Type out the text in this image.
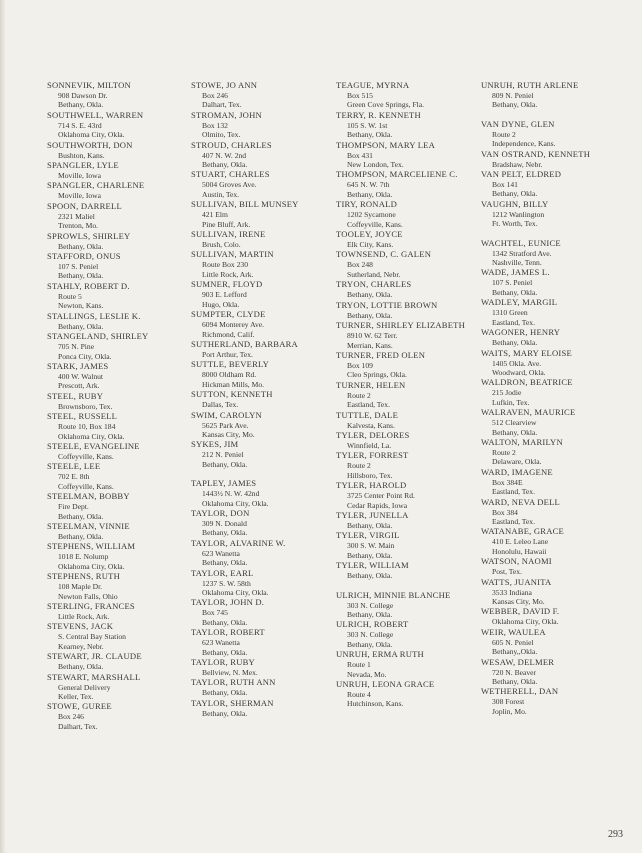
SONNEVIK, MILTON
908 Dawson Dr.
Bethany, Okla.
SOUTHWELL, WARREN
714 S. E. 43rd
Oklahoma City, Okla.
SOUTHWORTH, DON
Bushton, Kans.
SPANGLER, LYLE
Moville, Iowa
SPANGLER, CHARLENE
Moville, Iowa
SPOON, DARRELL
2321 Maliel
Trenton, Mo.
SPROWLS, SHIRLEY
Bethany, Okla.
STAFFORD, ONUS
107 S. Peniel
Bethany, Okla.
STAHLY, ROBERT D.
Route 5
Newton, Kans.
STALLINGS, LESLIE K.
Bethany, Okla.
STANGELAND, SHIRLEY
705 N. Pine
Ponca City, Okla.
STARK, JAMES
400 W. Walnut
Prescott, Ark.
STEEL, RUBY
Brownsboro, Tex.
STEEL, RUSSELL
Route 10, Box 184
Oklahoma City, Okla.
STEELE, EVANGELINE
Coffeyville, Kans.
STEELE, LEE
702 E. 8th
Coffeyville, Kans.
STEELMAN, BOBBY
Fire Dept.
Bethany, Okla.
STEELMAN, VINNIE
Bethany, Okla.
STEPHENS, WILLIAM
1018 E. Nolump
Oklahoma City, Okla.
STEPHENS, RUTH
108 Maple Dr.
Newton Falls, Ohio
STERLING, FRANCES
Little Rock, Ark.
STEVENS, JACK
S. Central Bay Station
Kearney, Nebr.
STEWART, JR. CLAUDE
Bethany, Okla.
STEWART, MARSHALL
General Delivery
Keller, Tex.
STOWE, GUREE
Box 246
Dalhart, Tex.
STOWE, JO ANN
Box 246
Dalhart, Tex.
STROMAN, JOHN
Box 132
Olmito, Tex.
STROUD, CHARLES
407 N. W. 2nd
Bethany, Okla.
STUART, CHARLES
5004 Groves Ave.
Austin, Tex.
SULLIVAN, BILL MUNSEY
421 Elm
Pine Bluff, Ark.
SULLIVAN, IRENE
Brush, Colo.
SULLIVAN, MARTIN
Route Box 230
Little Rock, Ark.
SUMNER, FLOYD
903 E. Lefford
Hugo, Okla.
SUMPTER, CLYDE
6094 Monterey Ave.
Richmond, Calif.
SUTHERLAND, BARBARA
Port Arthur, Tex.
SUTTLE, BEVERLY
8000 Oldham Rd.
Hickman Mills, Mo.
SUTTON, KENNETH
Dallas, Tex.
SWIM, CAROLYN
5625 Park Ave.
Kansas City, Mo.
SYKES, JIM
212 N. Peniel
Bethany, Okla.
TAPLEY, JAMES
1443½ N. W. 42nd
Oklahoma City, Okla.
TAYLOR, DON
309 N. Donald
Bethany, Okla.
TAYLOR, ALVARINE W.
623 Wanetta
Bethany, Okla.
TAYLOR, EARL
1237 S. W. 58th
Oklahoma City, Okla.
TAYLOR, JOHN D.
Box 745
Bethany, Okla.
TAYLOR, ROBERT
623 Wanetta
Bethany, Okla.
TAYLOR, RUBY
Bellview, N. Mex.
TAYLOR, RUTH ANN
Bethany, Okla.
TAYLOR, SHERMAN
Bethany, Okla.
TEAGUE, MYRNA
Box 515
Green Cove Springs, Fla.
TERRY, R. KENNETH
105 S. W. 1st
Bethany, Okla.
THOMPSON, MARY LEA
Box 431
New London, Tex.
THOMPSON, MARCELIENE C.
645 N. W. 7th
Bethany, Okla.
TIRY, RONALD
1202 Sycamone
Coffeyville, Kans.
TOOLEY, JOYCE
Elk City, Kans.
TOWNSEND, C. GALEN
Box 248
Sutherland, Nebr.
TRYON, CHARLES
Bethany, Okla.
TRYON, LOTTIE BROWN
Bethany, Okla.
TURNER, SHIRLEY ELIZABETH
8910 W. 62 Terr.
Merrian, Kans.
TURNER, FRED OLEN
Box 109
Cleo Springs, Okla.
TURNER, HELEN
Route 2
Eastland, Tex.
TUTTLE, DALE
Kalvesta, Kans.
TYLER, DELORES
Winnfield, La.
TYLER, FORREST
Route 2
Hillsboro, Tex.
TYLER, HAROLD
3725 Center Point Rd.
Cedar Rapids, Iowa
TYLER, JUNELLA
Bethany, Okla.
TYLER, VIRGIL
300 S. W. Main
Bethany, Okla.
TYLER, WILLIAM
Bethany, Okla.
ULRICH, MINNIE BLANCHE
303 N. College
Bethany, Okla.
ULRICH, ROBERT
303 N. College
Bethany, Okla.
UNRUH, ERMA RUTH
Route 1
Nevada, Mo.
UNRUH, LEONA GRACE
Route 4
Hutchinson, Kans.
UNRUH, RUTH ARLENE
809 N. Peniel
Bethany, Okla.
VAN DYNE, GLEN
Route 2
Independence, Kans.
VAN OSTRAND, KENNETH
Bradshaw, Nebr.
VAN PELT, ELDRED
Box 141
Bethany, Okla.
VAUGHN, BILLY
1212 Wanlington
Ft. Worth, Tex.
WACHTEL, EUNICE
1342 Stratford Ave.
Nashville, Tenn.
WADE, JAMES L.
107 S. Peniel
Bethany, Okla.
WADLEY, MARGIL
1310 Green
Eastland, Tex.
WAGONER, HENRY
Bethany, Okla.
WAITS, MARY ELOISE
1405 Okla. Ave.
Woodward, Okla.
WALDRON, BEATRICE
215 Jodie
Lufkin, Tex.
WALRAVEN, MAURICE
512 Clearview
Bethany, Okla.
WALTON, MARILYN
Route 2
Delaware, Okla.
WARD, IMAGENE
Box 384E
Eastland, Tex.
WARD, NEVA DELL
Box 384
Eastland, Tex.
WATANABE, GRACE
410 E. Leleo Lane
Honolulu, Hawaii
WATSON, NAOMI
Post, Tex.
WATTS, JUANITA
3533 Indiana
Kansas City, Mo.
WEBBER, DAVID F.
Oklahoma City, Okla.
WEIR, WAULEA
605 N. Peniel
Bethany,,Okla.
WESAW, DELMER
720 N. Beaver
Bethany, Okla.
WETHERELL, DAN
308 Forest
Joplin, Mo.
293
